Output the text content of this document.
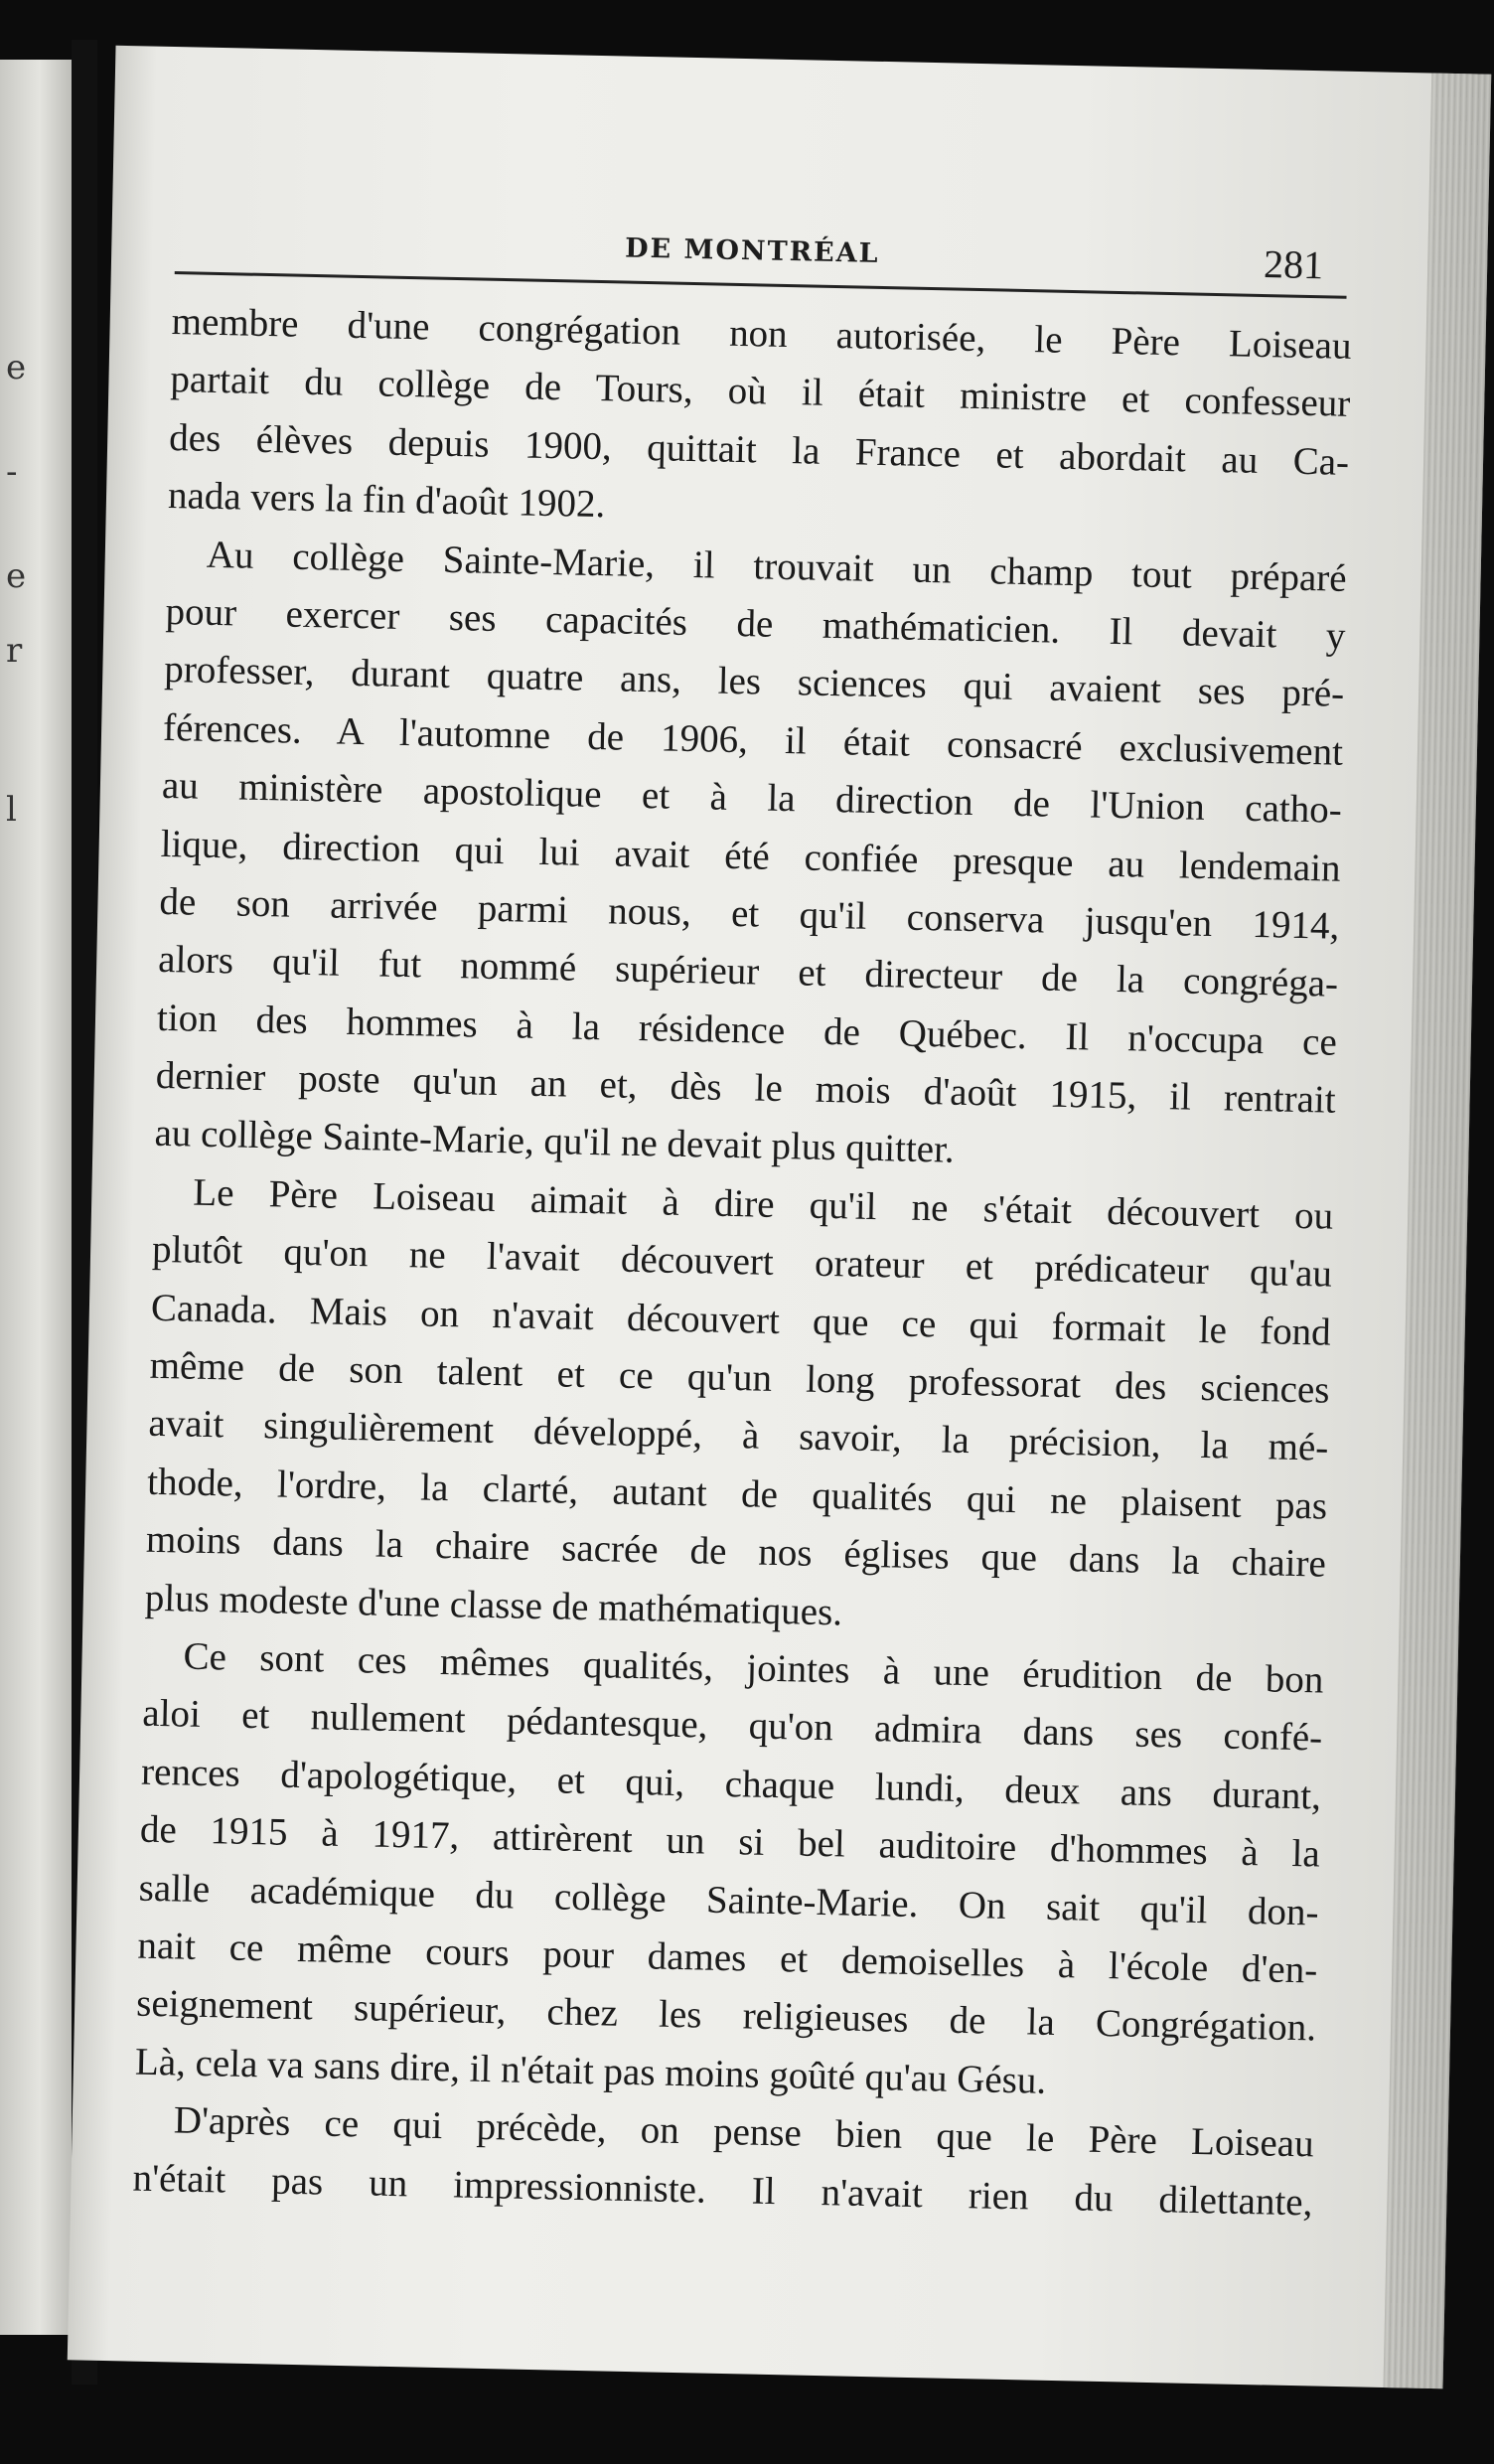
e
-
e
r
l
DE MONTRÉAL	281
membre d'une congrégation non autorisée, le Père Loiseau
partait du collège de Tours, où il était ministre et confesseur
des élèves depuis 1900, quittait la France et abordait au Ca-
nada vers la fin d'août 1902.
Au collège Sainte-Marie, il trouvait un champ tout préparé
pour exercer ses capacités de mathématicien. Il devait y
professer, durant quatre ans, les sciences qui avaient ses pré-
férences. A l'automne de 1906, il était consacré exclusivement
au ministère apostolique et à la direction de l'Union catho-
lique, direction qui lui avait été confiée presque au lendemain
de son arrivée parmi nous, et qu'il conserva jusqu'en 1914,
alors qu'il fut nommé supérieur et directeur de la congréga-
tion des hommes à la résidence de Québec. Il n'occupa ce
dernier poste qu'un an et, dès le mois d'août 1915, il rentrait
au collège Sainte-Marie, qu'il ne devait plus quitter.
Le Père Loiseau aimait à dire qu'il ne s'était découvert ou
plutôt qu'on ne l'avait découvert orateur et prédicateur qu'au
Canada. Mais on n'avait découvert que ce qui formait le fond
même de son talent et ce qu'un long professorat des sciences
avait singulièrement développé, à savoir, la précision, la mé-
thode, l'ordre, la clarté, autant de qualités qui ne plaisent pas
moins dans la chaire sacrée de nos églises que dans la chaire
plus modeste d'une classe de mathématiques.
Ce sont ces mêmes qualités, jointes à une érudition de bon
aloi et nullement pédantesque, qu'on admira dans ses confé-
rences d'apologétique, et qui, chaque lundi, deux ans durant,
de 1915 à 1917, attirèrent un si bel auditoire d'hommes à la
salle académique du collège Sainte-Marie. On sait qu'il don-
nait ce même cours pour dames et demoiselles à l'école d'en-
seignement supérieur, chez les religieuses de la Congrégation.
Là, cela va sans dire, il n'était pas moins goûté qu'au Gésu.
D'après ce qui précède, on pense bien que le Père Loiseau
n'était pas un impressionniste. Il n'avait rien du dilettante,
